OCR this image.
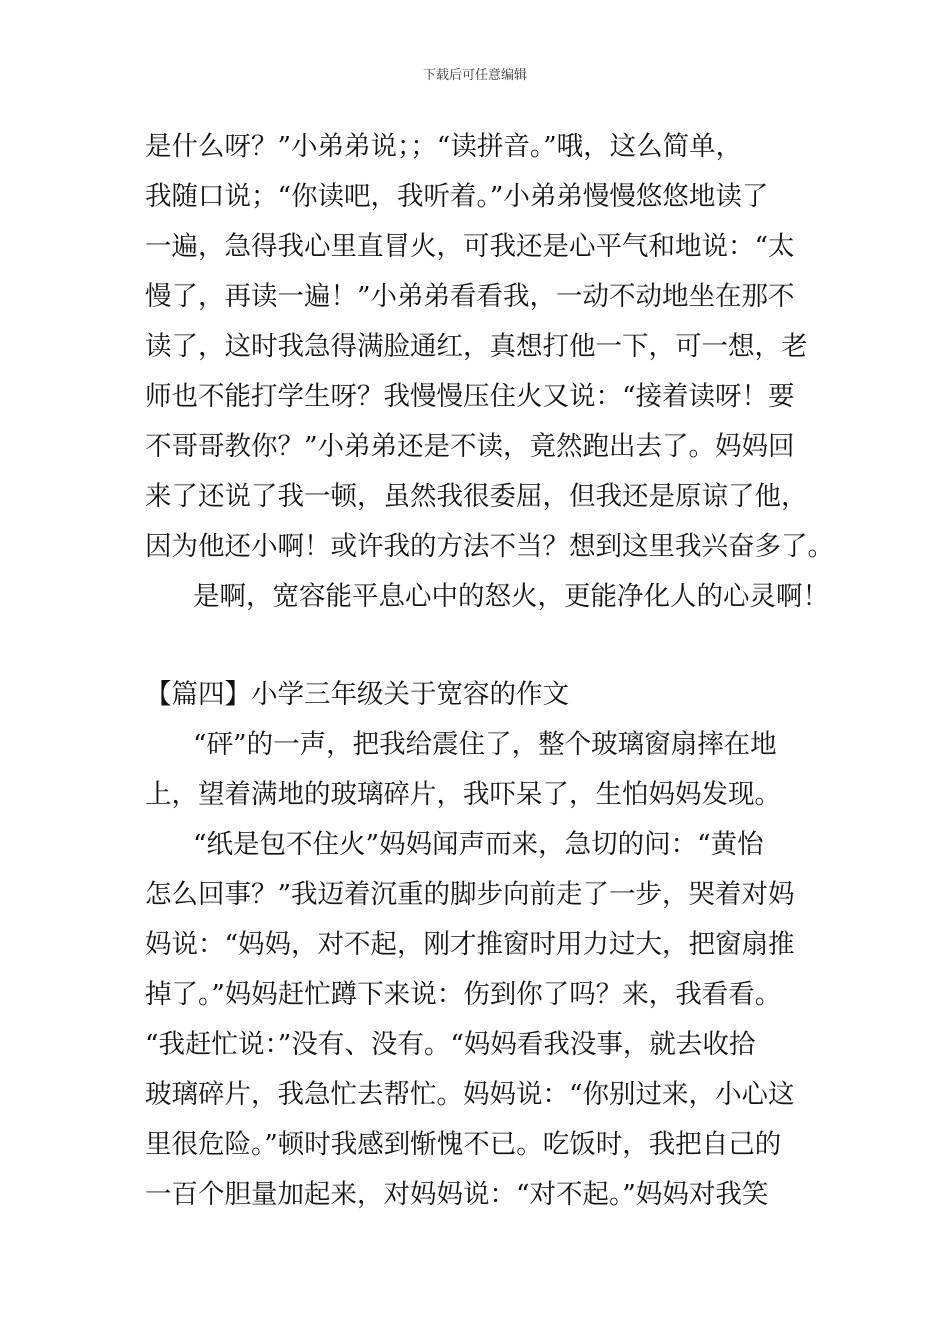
下载后可任意编辑
是什么呀？”小弟弟说；；“读拼音。”哦，这么简单，
我随口说；“你读吧，我听着。”小弟弟慢慢悠悠地读了
一遍，急得我心里直冒火，可我还是心平气和地说：“太
慢了，再读一遍！”小弟弟看看我，一动不动地坐在那不
读了，这时我急得满脸通红，真想打他一下，可一想，老
师也不能打学生呀？我慢慢压住火又说：“接着读呀！要
不哥哥教你？”小弟弟还是不读，竟然跑出去了。妈妈回
来了还说了我一顿，虽然我很委屈，但我还是原谅了他，
因为他还小啊！或许我的方法不当？想到这里我兴奋多了。
是啊，宽容能平息心中的怒火，更能净化人的心灵啊！
【篇四】小学三年级关于宽容的作文
“砰”的一声，把我给震住了，整个玻璃窗扇摔在地
上，望着满地的玻璃碎片，我吓呆了，生怕妈妈发现。
“纸是包不住火”妈妈闻声而来，急切的问：“黄怡
怎么回事？”我迈着沉重的脚步向前走了一步，哭着对妈
妈说：“妈妈，对不起，刚才推窗时用力过大，把窗扇推
掉了。”妈妈赶忙蹲下来说：伤到你了吗？来，我看看。
“我赶忙说：”没有、没有。“妈妈看我没事，就去收拾
玻璃碎片，我急忙去帮忙。妈妈说：“你别过来，小心这
里很危险。”顿时我感到惭愧不已。吃饭时，我把自己的
一百个胆量加起来，对妈妈说：“对不起。”妈妈对我笑
